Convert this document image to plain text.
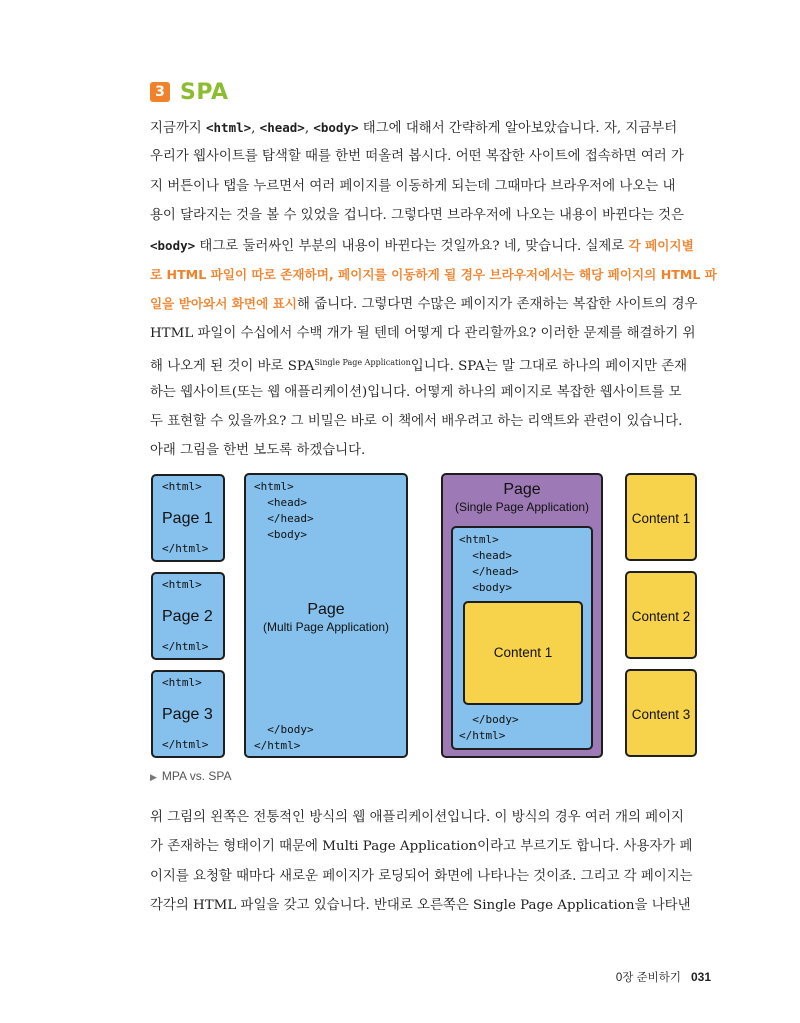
3 SPA
지금까지 <html>, <head>, <body> 태그에 대해서 간략하게 알아보았습니다. 자, 지금부터
우리가 웹사이트를 탐색할 때를 한번 떠올려 봅시다. 어떤 복잡한 사이트에 접속하면 여러 가
지 버튼이나 탭을 누르면서 여러 페이지를 이동하게 되는데 그때마다 브라우저에 나오는 내
용이 달라지는 것을 볼 수 있었을 겁니다. 그렇다면 브라우저에 나오는 내용이 바뀐다는 것은
<body> 태그로 둘러싸인 부분의 내용이 바뀐다는 것일까요? 네, 맞습니다. 실제로 각 페이지별
로 HTML 파일이 따로 존재하며, 페이지를 이동하게 될 경우 브라우저에서는 해당 페이지의 HTML 파
일을 받아와서 화면에 표시해 줍니다. 그렇다면 수많은 페이지가 존재하는 복잡한 사이트의 경우
HTML 파일이 수십에서 수백 개가 될 텐데 어떻게 다 관리할까요? 이러한 문제를 해결하기 위
해 나오게 된 것이 바로 $SPA^{Single Page Application}$입니다. SPA는 말 그대로 하나의 페이지만 존재
하는 웹사이트(또는 웹 애플리케이션)입니다. 어떻게 하나의 페이지로 복잡한 웹사이트를 모
두 표현할 수 있을까요? 그 비밀은 바로 이 책에서 배우려고 하는 리액트와 관련이 있습니다.
아래 그림을 한번 보도록 하겠습니다.
<html>
Page 1
</html>
<html>
Page 2
</html>
<html>
Page 3
</html>
<html>
<head>
</head>
<body>
Page
(Multi Page Application)
</body>
</html>
Page
(Single Page Application)
<html>
<head>
</head>
<body>
Content 1
</body>
</html>
Content 1
Content 2
Content 3
▶ MPA vs. SPA
위 그림의 왼쪽은 전통적인 방식의 웹 애플리케이션입니다. 이 방식의 경우 여러 개의 페이지
가 존재하는 형태이기 때문에 Multi Page Application이라고 부르기도 합니다. 사용자가 페
이지를 요청할 때마다 새로운 페이지가 로딩되어 화면에 나타나는 것이죠. 그리고 각 페이지는
각각의 HTML 파일을 갖고 있습니다. 반대로 오른쪽은 Single Page Application을 나타낸
0장 준비하기 031
